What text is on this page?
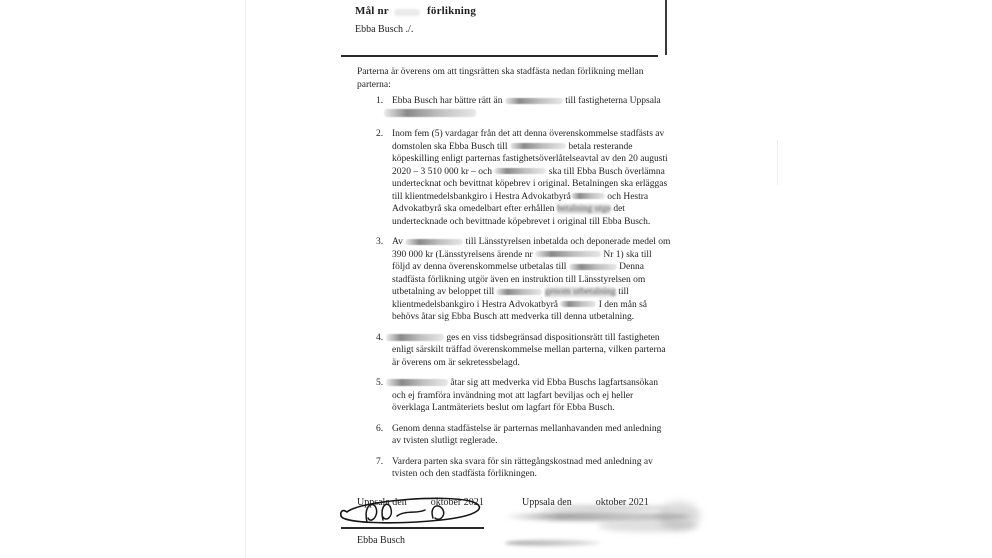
Mål nr	förlikning
Ebba Busch ./.
Parterna är överens om att tingsrätten ska stadfästa nedan förlikning mellan
parterna:
1. Ebba Busch har bättre rätt än	till fastigheterna Uppsala
2. Inom fem (5) vardagar från det att denna överenskommelse stadfästs av
domstolen ska Ebba Busch till	betala resterande
köpeskilling enligt parternas fastighetsöverlåtelseavtal av den 20 augusti
2020 – 3 510 000 kr – och	ska till Ebba Busch överlämna
undertecknat och bevittnat köpebrev i original. Betalningen ska erläggas
till klientmedelsbankgiro i Hestra Advokatbyrå	och Hestra
Advokatbyrå ska omedelbart efter erhållen betalning utge det
undertecknade och bevittnade köpebrevet i original till Ebba Busch.
3. Av	till Länsstyrelsen inbetalda och deponerade medel om
390 000 kr (Länsstyrelsens ärende nr	Nr 1) ska till
följd av denna överenskommelse utbetalas till	Denna
stadfästa förlikning utgör även en instruktion till Länsstyrelsen om
utbetalning av beloppet till	genom utbetalning till
klientmedelsbankgiro i Hestra Advokatbyrå	I den mån så
behövs åtar sig Ebba Busch att medverka till denna utbetalning.
4.	ges en viss tidsbegränsad dispositionsrätt till fastigheten
enligt särskilt träffad överenskommelse mellan parterna, vilken parterna
är överens om är sekretessbelagd.
5.	åtar sig att medverka vid Ebba Buschs lagfartsansökan
och ej framföra invändning mot att lagfart beviljas och ej heller
överklaga Lantmäteriets beslut om lagfart för Ebba Busch.
6. Genom denna stadfästelse är parternas mellanhavanden med anledning
av tvisten slutligt reglerade.
7. Vardera parten ska svara för sin rättegångskostnad med anledning av
tvisten och den stadfästa förlikningen.
Uppsala den oktober 2021
Ebba Busch
Uppsala den oktober 2021
